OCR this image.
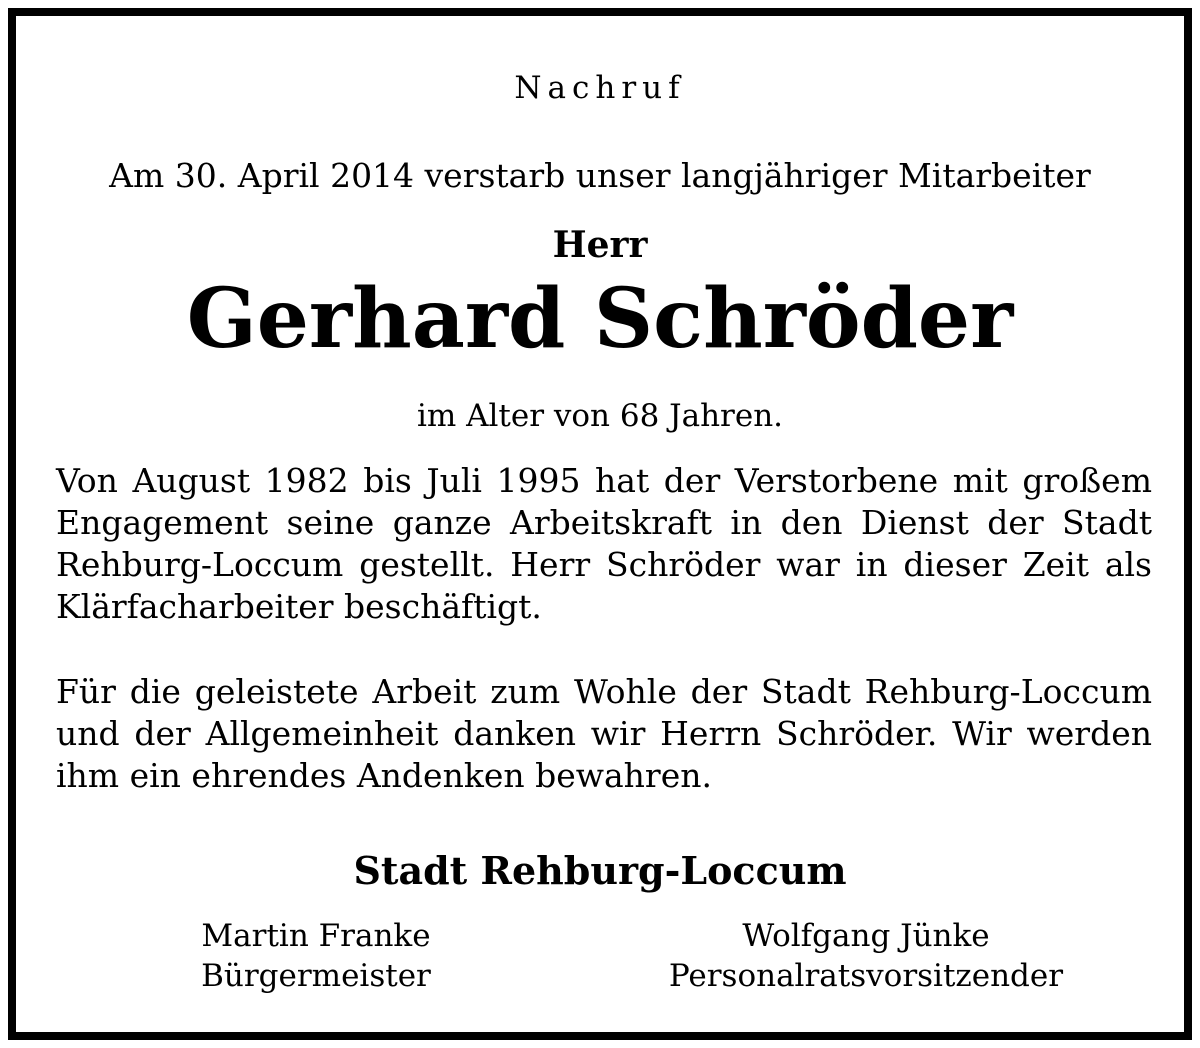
Nachruf

Am 30. April 2014 verstarb unser langjähriger Mitarbeiter

Herr

Gerhard Schröder

im Alter von 68 Jahren.

Von August 1982 bis Juli 1995 hat der Verstorbene mit großem
Engagement seine ganze Arbeitskraft in den Dienst der Stadt
Rehburg-Loccum gestellt. Herr Schröder war in dieser Zeit als
Klärfacharbeiter beschäftigt.
Für die geleistete Arbeit zum Wohle der Stadt Rehburg-Loccum
und der Allgemeinheit danken wir Herrn Schröder. Wir werden
ihm ein ehrendes Andenken bewahren.

Stadt Rehburg-Loccum

Martin Franke
Bürgermeister
Wolfgang Jünke
Personalratsvorsitzender
